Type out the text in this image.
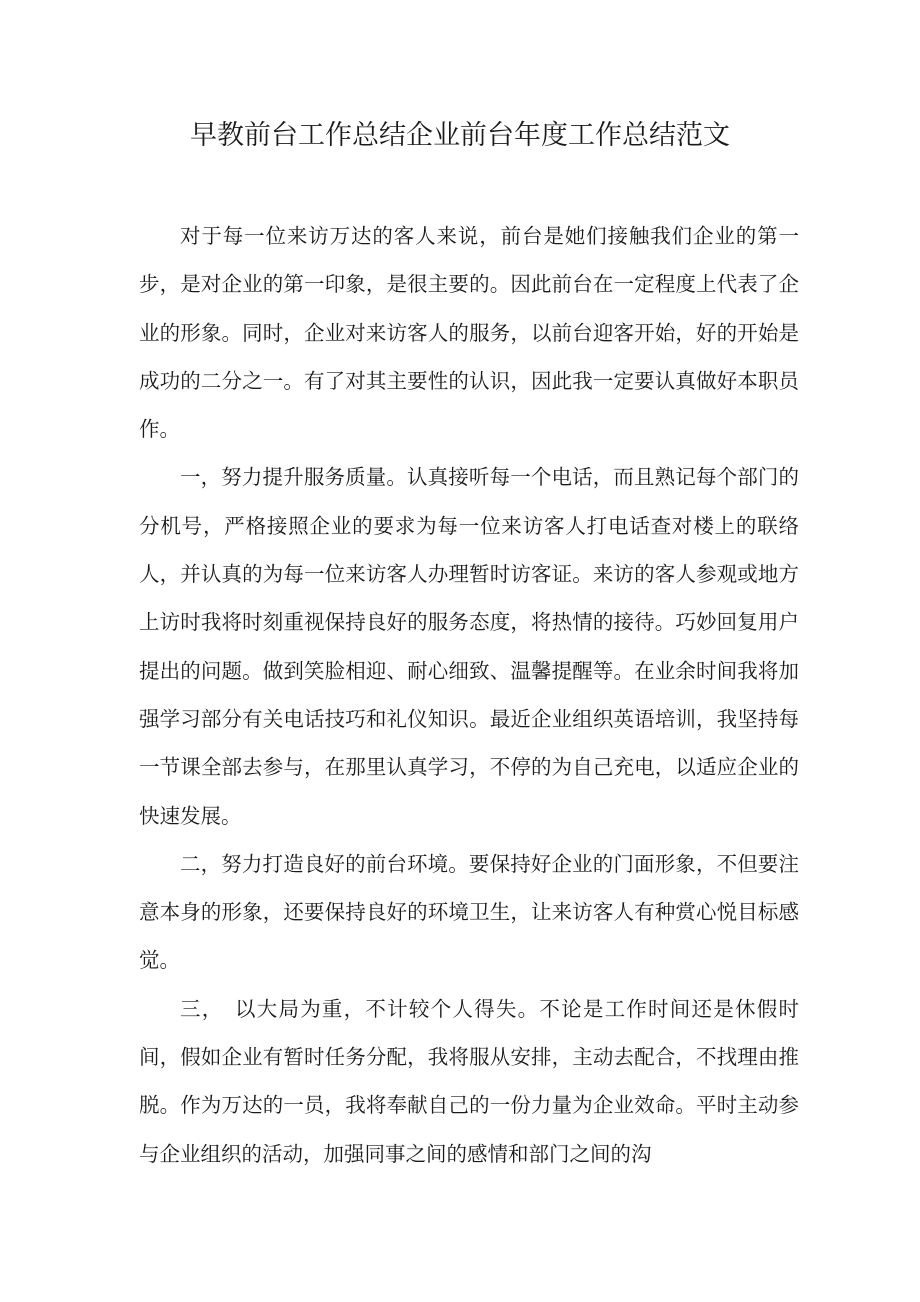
早教前台工作总结企业前台年度工作总结范文

对于每一位来访万达的客人来说，前台是她们接触我们企业的第一步，是对企业的第一印象，是很主要的。因此前台在一定程度上代表了企业的形象。同时，企业对来访客人的服务，以前台迎客开始，好的开始是成功的二分之一。有了对其主要性的认识，因此我一定要认真做好本职员作。

一，努力提升服务质量。认真接听每一个电话，而且熟记每个部门的分机号，严格接照企业的要求为每一位来访客人打电话查对楼上的联络人，并认真的为每一位来访客人办理暂时访客证。来访的客人参观或地方上访时我将时刻重视保持良好的服务态度，将热情的接待。巧妙回复用户提出的问题。做到笑脸相迎、耐心细致、温馨提醒等。在业余时间我将加强学习部分有关电话技巧和礼仪知识。最近企业组织英语培训，我坚持每一节课全部去参与，在那里认真学习，不停的为自己充电，以适应企业的快速发展。

二，努力打造良好的前台环境。要保持好企业的门面形象，不但要注意本身的形象，还要保持良好的环境卫生，让来访客人有种赏心悦目标感觉。

三，　以大局为重，不计较个人得失。不论是工作时间还是休假时间，假如企业有暂时任务分配，我将服从安排，主动去配合，不找理由推脱。作为万达的一员，我将奉献自己的一份力量为企业效命。平时主动参与企业组织的活动，加强同事之间的感情和部门之间的沟
